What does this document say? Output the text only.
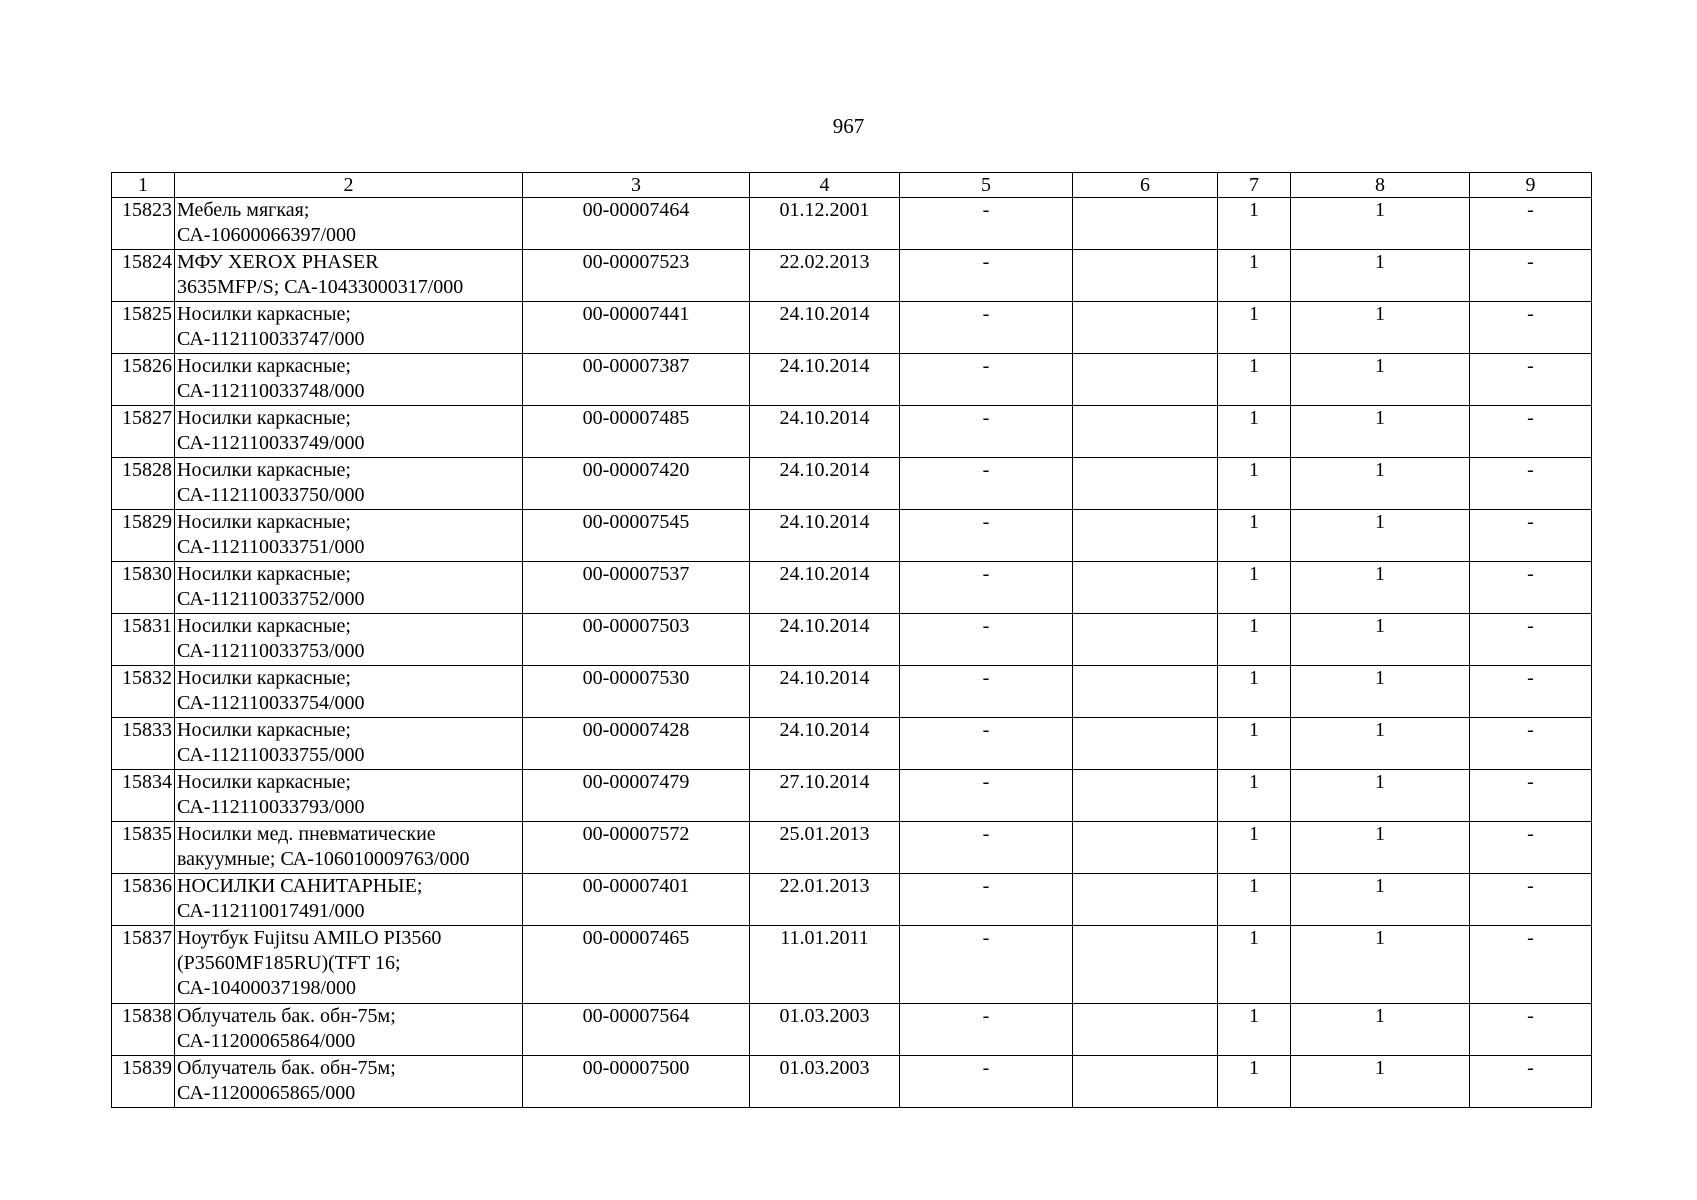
967
1	2	3	4	5	6	7	8	9
15823	Мебель мягкая;
СА-10600066397/000	00-00007464	01.12.2001	-		1	1	-
15824	МФУ XEROX PHASER
3635MFP/S; СА-10433000317/000	00-00007523	22.02.2013	-		1	1	-
15825	Носилки каркасные;
СА-112110033747/000	00-00007441	24.10.2014	-		1	1	-
15826	Носилки каркасные;
СА-112110033748/000	00-00007387	24.10.2014	-		1	1	-
15827	Носилки каркасные;
СА-112110033749/000	00-00007485	24.10.2014	-		1	1	-
15828	Носилки каркасные;
СА-112110033750/000	00-00007420	24.10.2014	-		1	1	-
15829	Носилки каркасные;
СА-112110033751/000	00-00007545	24.10.2014	-		1	1	-
15830	Носилки каркасные;
СА-112110033752/000	00-00007537	24.10.2014	-		1	1	-
15831	Носилки каркасные;
СА-112110033753/000	00-00007503	24.10.2014	-		1	1	-
15832	Носилки каркасные;
СА-112110033754/000	00-00007530	24.10.2014	-		1	1	-
15833	Носилки каркасные;
СА-112110033755/000	00-00007428	24.10.2014	-		1	1	-
15834	Носилки каркасные;
СА-112110033793/000	00-00007479	27.10.2014	-		1	1	-
15835	Носилки мед. пневматические
вакуумные; СА-106010009763/000	00-00007572	25.01.2013	-		1	1	-
15836	НОСИЛКИ САНИТАРНЫЕ;
СА-112110017491/000	00-00007401	22.01.2013	-		1	1	-
15837	Ноутбук Fujitsu AMILO PI3560
(P3560MF185RU)(TFT 16;
СА-10400037198/000	00-00007465	11.01.2011	-		1	1	-
15838	Облучатель бак. обн-75м;
СА-11200065864/000	00-00007564	01.03.2003	-		1	1	-
15839	Облучатель бак. обн-75м;
СА-11200065865/000	00-00007500	01.03.2003	-		1	1	-
